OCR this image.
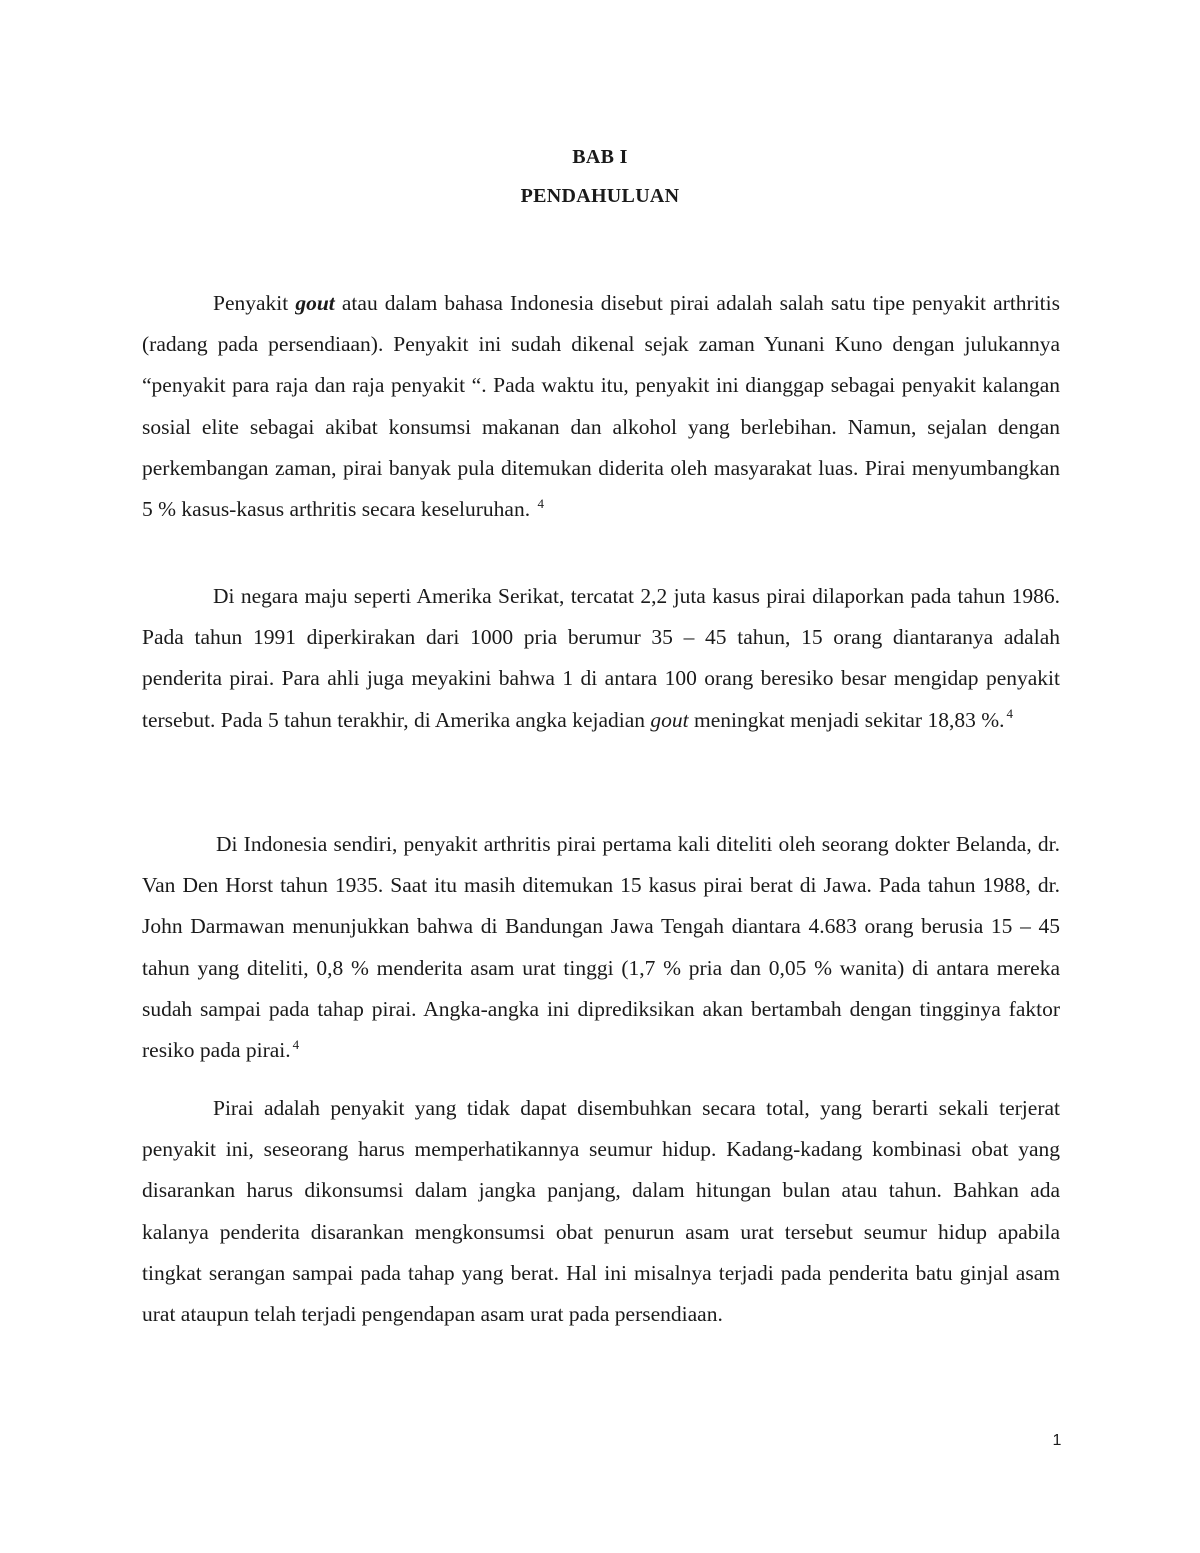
BAB I
PENDAHULUAN

Penyakit gout atau dalam bahasa Indonesia disebut pirai adalah salah satu tipe penyakit arthritis (radang pada persendiaan). Penyakit ini sudah dikenal sejak zaman Yunani Kuno dengan julukannya “penyakit para raja dan raja penyakit “. Pada waktu itu, penyakit ini dianggap sebagai penyakit kalangan sosial elite sebagai akibat konsumsi makanan dan alkohol yang berlebihan. Namun, sejalan dengan perkembangan zaman, pirai banyak pula ditemukan diderita oleh masyarakat luas. Pirai menyumbangkan 5 % kasus-kasus arthritis secara keseluruhan. $^4$

Di negara maju seperti Amerika Serikat, tercatat 2,2 juta kasus pirai dilaporkan pada tahun 1986. Pada tahun 1991 diperkirakan dari 1000 pria berumur 35 – 45 tahun, 15 orang diantaranya adalah penderita pirai. Para ahli juga meyakini bahwa 1 di antara 100 orang beresiko besar mengidap penyakit tersebut. Pada 5 tahun terakhir, di Amerika angka kejadian gout meningkat menjadi sekitar 18,83 %. $^4$

Di Indonesia sendiri, penyakit arthritis pirai pertama kali diteliti oleh seorang dokter Belanda, dr. Van Den Horst tahun 1935. Saat itu masih ditemukan 15 kasus pirai berat di Jawa. Pada tahun 1988, dr. John Darmawan menunjukkan bahwa di Bandungan Jawa Tengah diantara 4.683 orang berusia 15 – 45 tahun yang diteliti, 0,8 % menderita asam urat tinggi (1,7 % pria dan 0,05 % wanita) di antara mereka sudah sampai pada tahap pirai. Angka-angka ini diprediksikan akan bertambah dengan tingginya faktor resiko pada pirai. $^4$

Pirai adalah penyakit yang tidak dapat disembuhkan secara total, yang berarti sekali terjerat penyakit ini, seseorang harus memperhatikannya seumur hidup. Kadang-kadang kombinasi obat yang disarankan harus dikonsumsi dalam jangka panjang, dalam hitungan bulan atau tahun. Bahkan ada kalanya penderita disarankan mengkonsumsi obat penurun asam urat tersebut seumur hidup apabila tingkat serangan sampai pada tahap yang berat. Hal ini misalnya terjadi pada penderita batu ginjal asam urat ataupun telah terjadi pengendapan asam urat pada persendiaan.

1
